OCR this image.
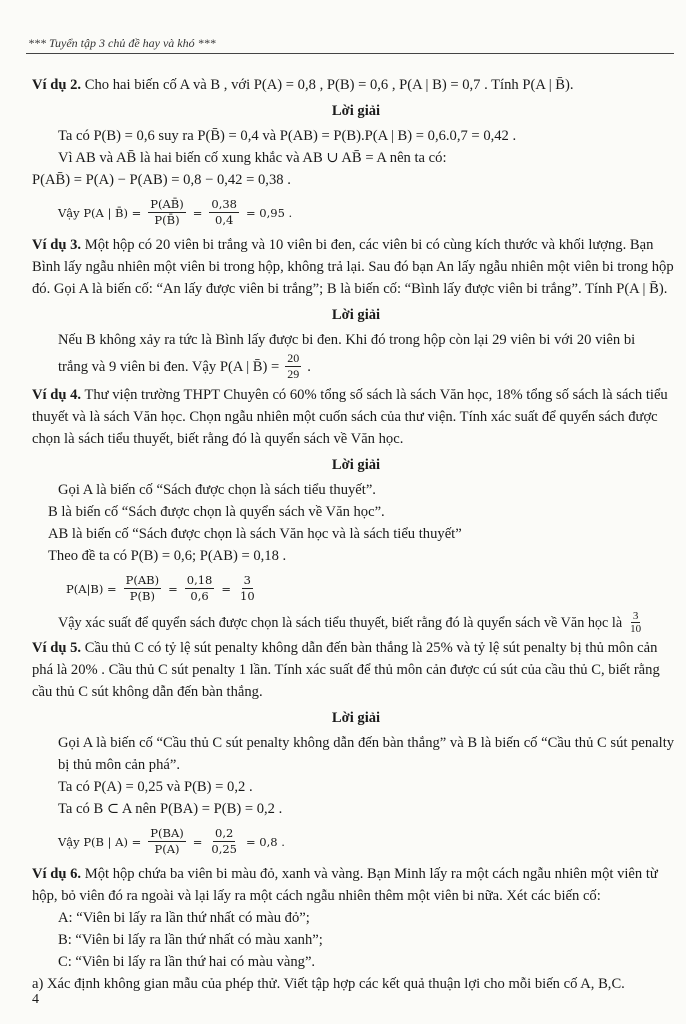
*** Tuyển tập 3 chủ đề hay và khó ***

Ví dụ 2. Cho hai biến cố A và B , với P(A) = 0,8 , P(B) = 0,6 , P(A | B) = 0,7 . Tính P(A | B̄).

Lời giải

Ta có P(B) = 0,6 suy ra P(B̄) = 0,4 và P(AB) = P(B).P(A | B) = 0,6.0,7 = 0,42 .

Vì AB và AB̄ là hai biến cố xung khắc và AB ∪ AB̄ = A nên ta có:

P(AB̄) = P(A) − P(AB) = 0,8 − 0,42 = 0,38 .

Vậy P(A | B̄) = $\frac{P(AB̄)}{P(B̄)} = \frac{0,38}{0,4} = 0,95$ .

Ví dụ 3. Một hộp có 20 viên bi trắng và 10 viên bi đen, các viên bi có cùng kích thước và khối lượng. Bạn Bình lấy ngẫu nhiên một viên bi trong hộp, không trả lại. Sau đó bạn An lấy ngẫu nhiên một viên bi trong hộp đó. Gọi A là biến cố: “An lấy được viên bi trắng”; B là biến cố: “Bình lấy được viên bi trắng”. Tính P(A | B̄).

Lời giải

Nếu B không xảy ra tức là Bình lấy được bi đen. Khi đó trong hộp còn lại 29 viên bi với 20 viên bi

trắng và 9 viên bi đen. Vậy P(A | B̄) = $\frac{20}{29}$ .

Ví dụ 4. Thư viện trường THPT Chuyên có 60% tổng số sách là sách Văn học, 18% tổng số sách là sách tiểu thuyết và là sách Văn học. Chọn ngẫu nhiên một cuốn sách của thư viện. Tính xác suất để quyển sách được chọn là sách tiểu thuyết, biết rằng đó là quyển sách về Văn học.

Lời giải

Gọi A là biến cố “Sách được chọn là sách tiểu thuyết”.

B là biến cố “Sách được chọn là quyển sách về Văn học”.

AB là biến cố “Sách được chọn là sách Văn học và là sách tiểu thuyết”

Theo đề ta có P(B) = 0,6; P(AB) = 0,18 .

$P(A|B) = \frac{P(AB)}{P(B)} = \frac{0,18}{0,6} = \frac{3}{10}$
Vậy xác suất để quyển sách được chọn là sách tiểu thuyết, biết rằng đó là quyển sách về Văn học là $\frac{3}{10}$

Ví dụ 5. Cầu thủ C có tỷ lệ sút penalty không dẫn đến bàn thắng là 25% và tỷ lệ sút penalty bị thủ môn cản phá là 20% . Cầu thủ C sút penalty 1 lần. Tính xác suất để thủ môn cản được cú sút của cầu thủ C, biết rằng cầu thủ C sút không dẫn đến bàn thắng.

Lời giải

Gọi A là biến cố “Cầu thủ C sút penalty không dẫn đến bàn thắng” và B là biến cố “Cầu thủ C sút penalty bị thủ môn cản phá”.

Ta có P(A) = 0,25 và P(B) = 0,2 .

Ta có B ⊂ A nên P(BA) = P(B) = 0,2 .

Vậy P(B | $A) = \frac{P(BA)}{P(A)} = \frac{0,2}{0,25} = 0,8$ .

Ví dụ 6. Một hộp chứa ba viên bi màu đỏ, xanh và vàng. Bạn Minh lấy ra một cách ngẫu nhiên một viên từ hộp, bỏ viên đó ra ngoài và lại lấy ra một cách ngẫu nhiên thêm một viên bi nữa. Xét các biến cố:

A: “Viên bi lấy ra lần thứ nhất có màu đỏ”;

B: “Viên bi lấy ra lần thứ nhất có màu xanh”;

C: “Viên bi lấy ra lần thứ hai có màu vàng”.

a) Xác định không gian mẫu của phép thử. Viết tập hợp các kết quả thuận lợi cho mỗi biến cố A, B,C.

4
